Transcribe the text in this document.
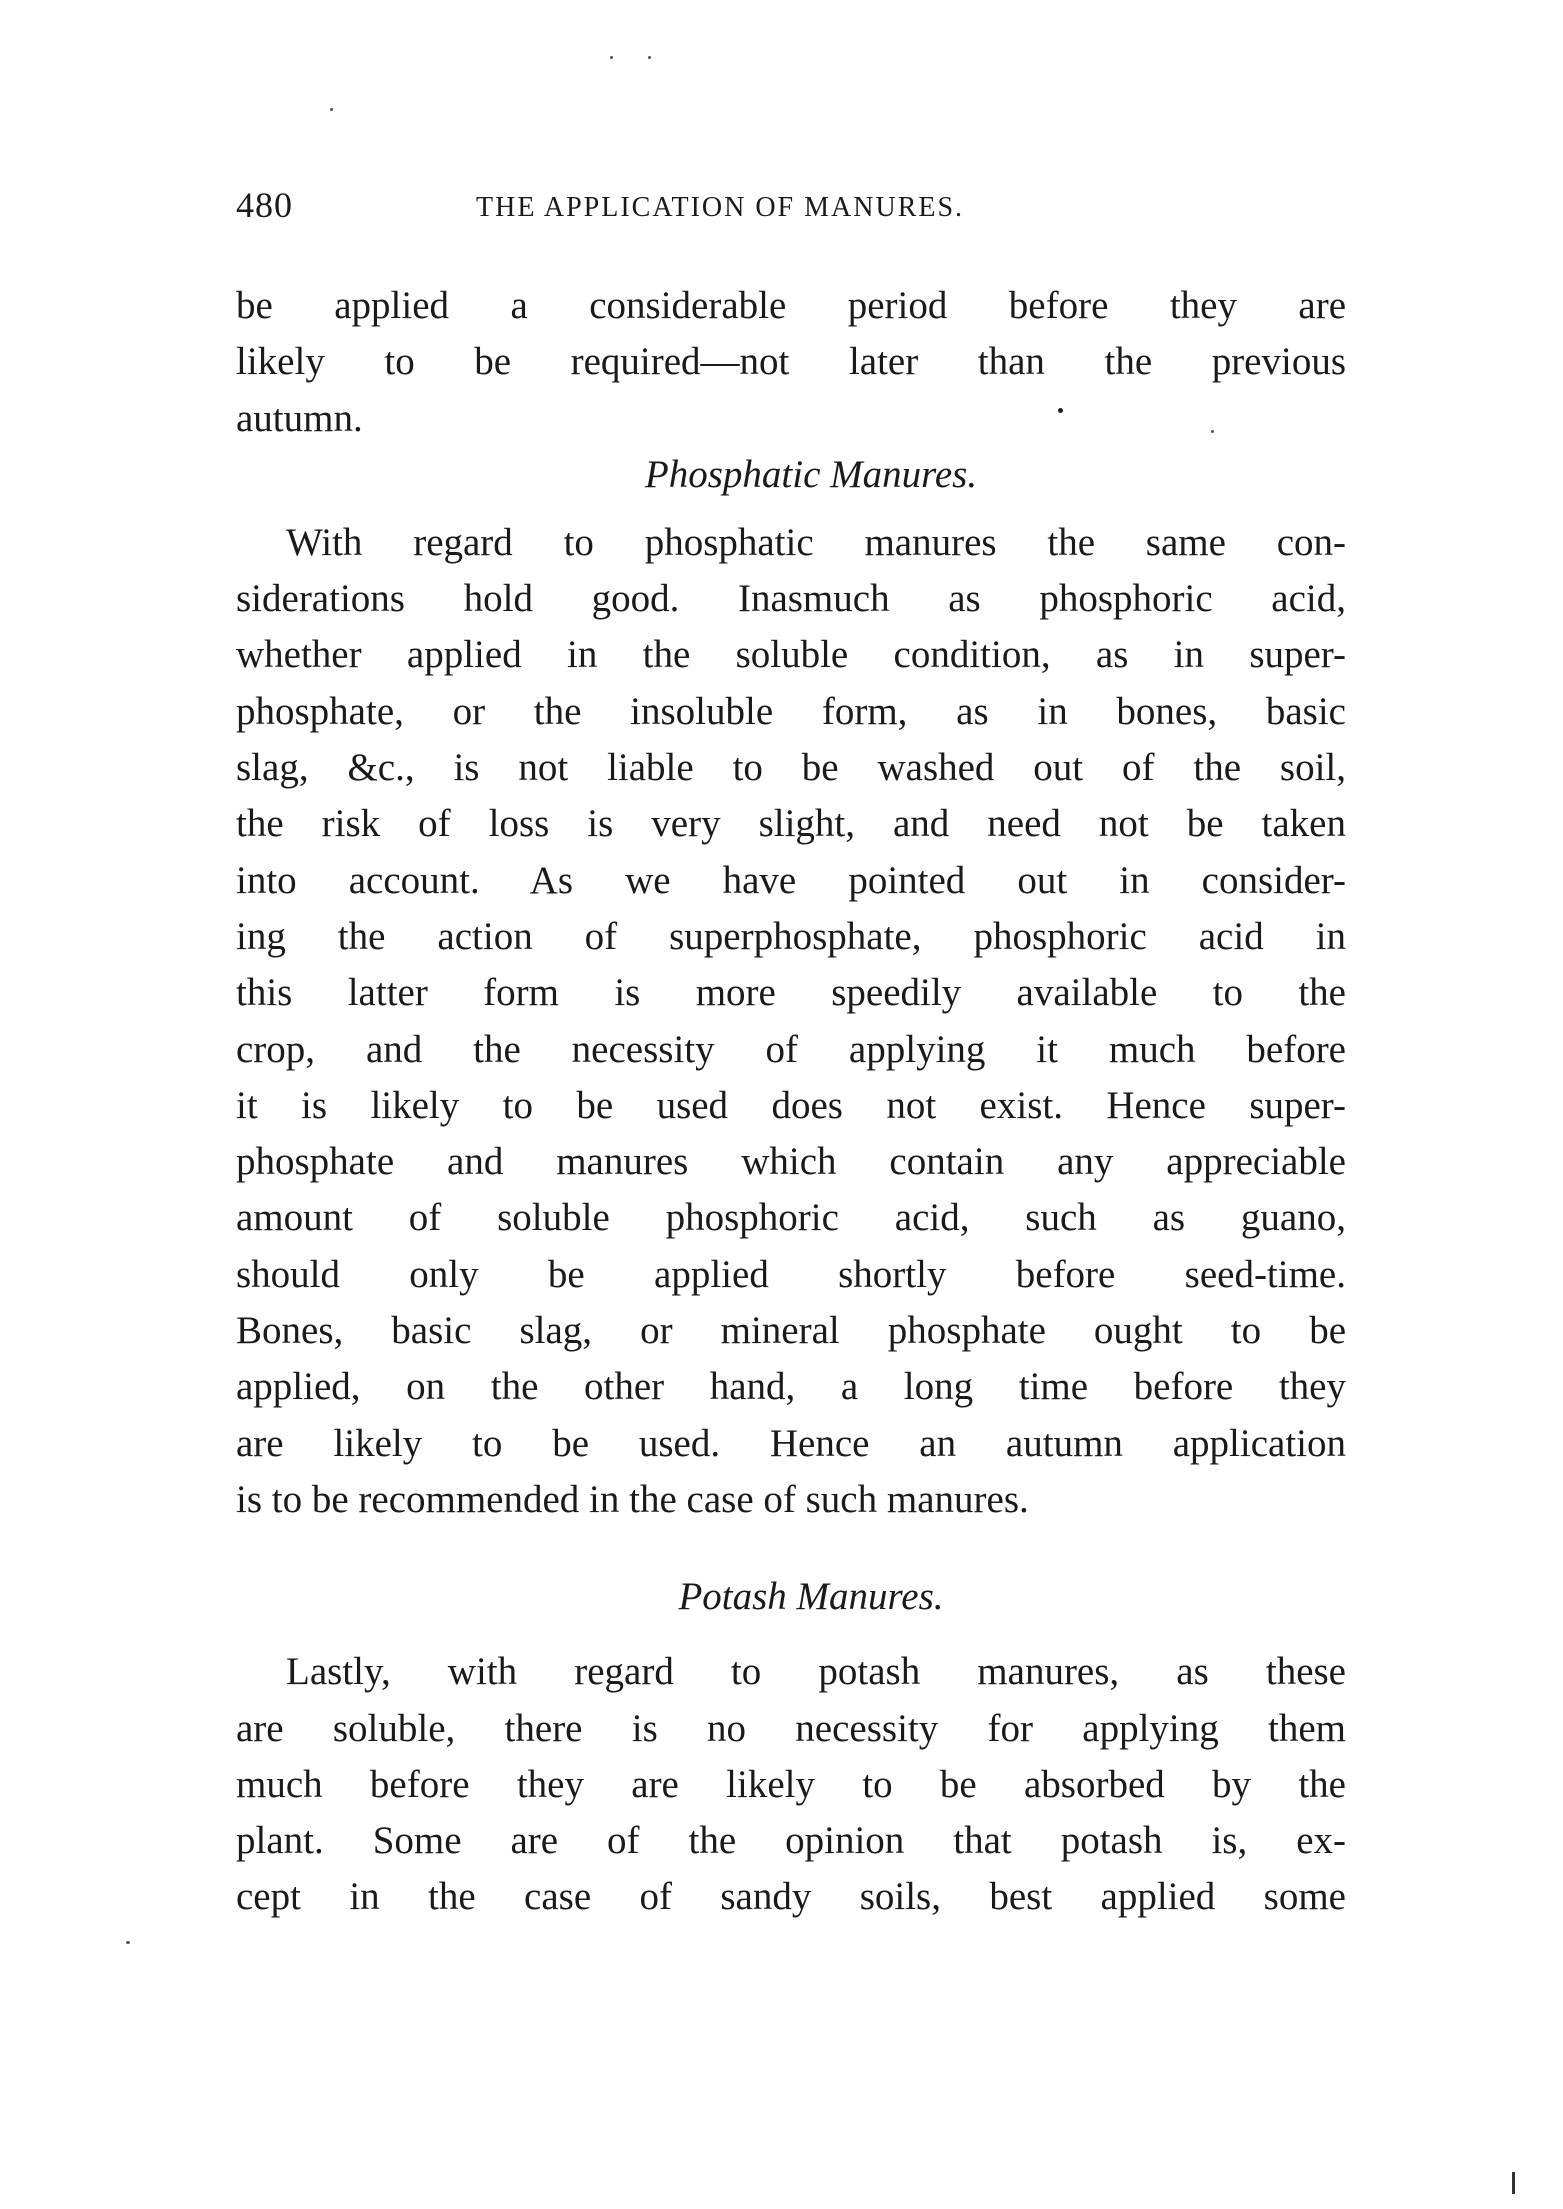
480	THE APPLICATION OF MANURES.
be applied a considerable period before they are
likely to be required—not later than the previous
autumn.
Phosphatic Manures.
With regard to phosphatic manures the same con-
siderations hold good. Inasmuch as phosphoric acid,
whether applied in the soluble condition, as in super-
phosphate, or the insoluble form, as in bones, basic
slag, &c., is not liable to be washed out of the soil,
the risk of loss is very slight, and need not be taken
into account. As we have pointed out in consider-
ing the action of superphosphate, phosphoric acid in
this latter form is more speedily available to the
crop, and the necessity of applying it much before
it is likely to be used does not exist. Hence super-
phosphate and manures which contain any appreciable
amount of soluble phosphoric acid, such as guano,
should only be applied shortly before seed-time.
Bones, basic slag, or mineral phosphate ought to be
applied, on the other hand, a long time before they
are likely to be used. Hence an autumn application
is to be recommended in the case of such manures.
Potash Manures.
Lastly, with regard to potash manures, as these
are soluble, there is no necessity for applying them
much before they are likely to be absorbed by the
plant. Some are of the opinion that potash is, ex-
cept in the case of sandy soils, best applied some
